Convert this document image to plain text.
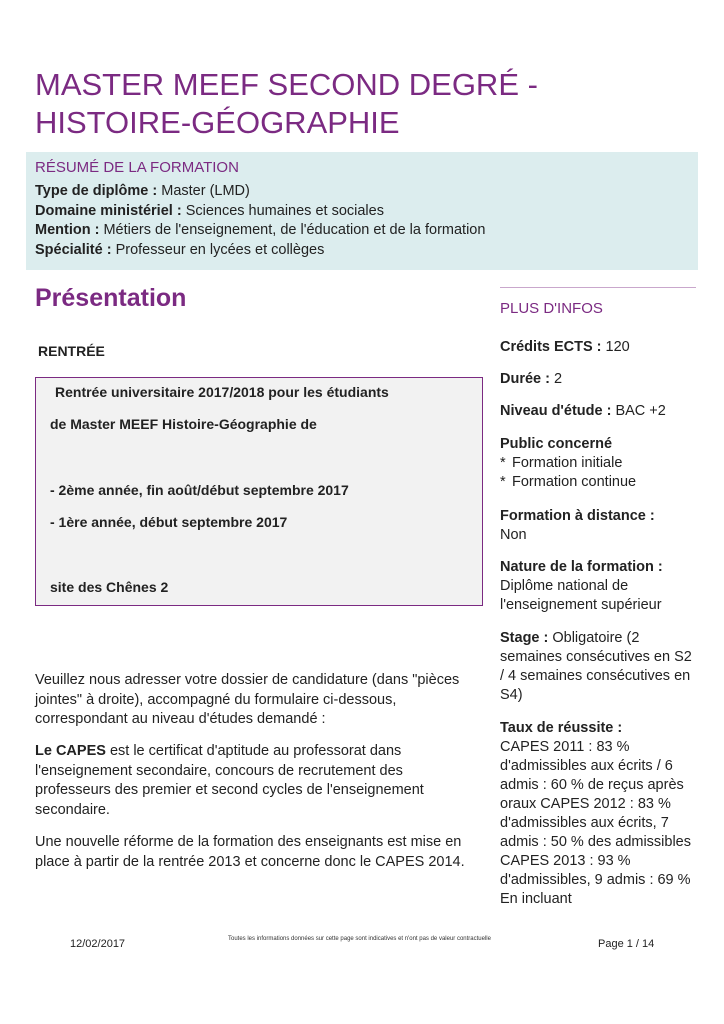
MASTER MEEF SECOND DEGRÉ -
HISTOIRE-GÉOGRAPHIE
RÉSUMÉ DE LA FORMATION
Type de diplôme : Master (LMD)
Domaine ministériel : Sciences humaines et sociales
Mention : Métiers de l'enseignement, de l'éducation et de la formation
Spécialité : Professeur en lycées et collèges
Présentation
RENTRÉE
Rentrée universitaire 2017/2018 pour les étudiants
de Master MEEF Histoire-Géographie de
- 2ème année, fin août/début septembre 2017
- 1ère année, début septembre 2017
site des Chênes 2

Veuillez nous adresser votre dossier de candidature (dans "pièces jointes" à droite), accompagné du formulaire ci-dessous, correspondant au niveau d'études demandé :

Le CAPES est le certificat d'aptitude au professorat dans l'enseignement secondaire, concours de recrutement des professeurs des premier et second cycles de l'enseignement secondaire.

Une nouvelle réforme de la formation des enseignants est mise en place à partir de la rentrée 2013 et concerne donc le CAPES 2014.

PLUS D'INFOS
Crédits ECTS : 120
Durée : 2
Niveau d'étude : BAC +2
Public concerné
* Formation initiale
* Formation continue
Formation à distance :
Non
Nature de la formation :
Diplôme national de l'enseignement supérieur
Stage : Obligatoire (2 semaines consécutives en S2 / 4 semaines consécutives en S4)
Taux de réussite :
CAPES 2011 : 83 % d'admissibles aux écrits / 6 admis : 60 % de reçus après oraux CAPES 2012 : 83 % d'admissibles aux écrits, 7 admis : 50 % des admissibles CAPES 2013 : 93 % d'admissibles, 9 admis : 69 % En incluant
12/02/2017	Toutes les informations données sur cette page sont indicatives et n'ont pas de valeur contractuelle	Page 1 / 14
